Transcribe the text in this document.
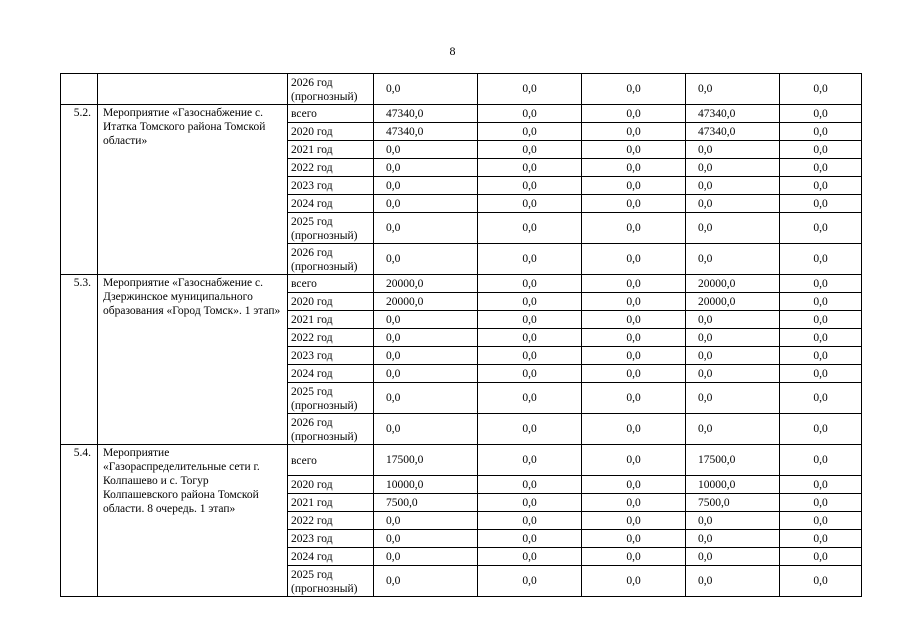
8
		2026 год (прогнозный)	0,0	0,0	0,0	0,0	0,0
5.2.	Мероприятие «Газоснабжение с. Итатка Томского района Томской области»	всего	47340,0	0,0	0,0	47340,0	0,0
		2020 год	47340,0	0,0	0,0	47340,0	0,0
		2021 год	0,0	0,0	0,0	0,0	0,0
		2022 год	0,0	0,0	0,0	0,0	0,0
		2023 год	0,0	0,0	0,0	0,0	0,0
		2024 год	0,0	0,0	0,0	0,0	0,0
		2025 год (прогнозный)	0,0	0,0	0,0	0,0	0,0
		2026 год (прогнозный)	0,0	0,0	0,0	0,0	0,0
5.3.	Мероприятие «Газоснабжение с. Дзержинское муниципального образования «Город Томск». 1 этап»	всего	20000,0	0,0	0,0	20000,0	0,0
		2020 год	20000,0	0,0	0,0	20000,0	0,0
		2021 год	0,0	0,0	0,0	0,0	0,0
		2022 год	0,0	0,0	0,0	0,0	0,0
		2023 год	0,0	0,0	0,0	0,0	0,0
		2024 год	0,0	0,0	0,0	0,0	0,0
		2025 год (прогнозный)	0,0	0,0	0,0	0,0	0,0
		2026 год (прогнозный)	0,0	0,0	0,0	0,0	0,0
5.4.	Мероприятие «Газораспределительные сети г. Колпашево и с. Тогур Колпашевского района Томской области. 8 очередь. 1 этап»	всего	17500,0	0,0	0,0	17500,0	0,0
		2020 год	10000,0	0,0	0,0	10000,0	0,0
		2021 год	7500,0	0,0	0,0	7500,0	0,0
		2022 год	0,0	0,0	0,0	0,0	0,0
		2023 год	0,0	0,0	0,0	0,0	0,0
		2024 год	0,0	0,0	0,0	0,0	0,0
		2025 год (прогнозный)	0,0	0,0	0,0	0,0	0,0
